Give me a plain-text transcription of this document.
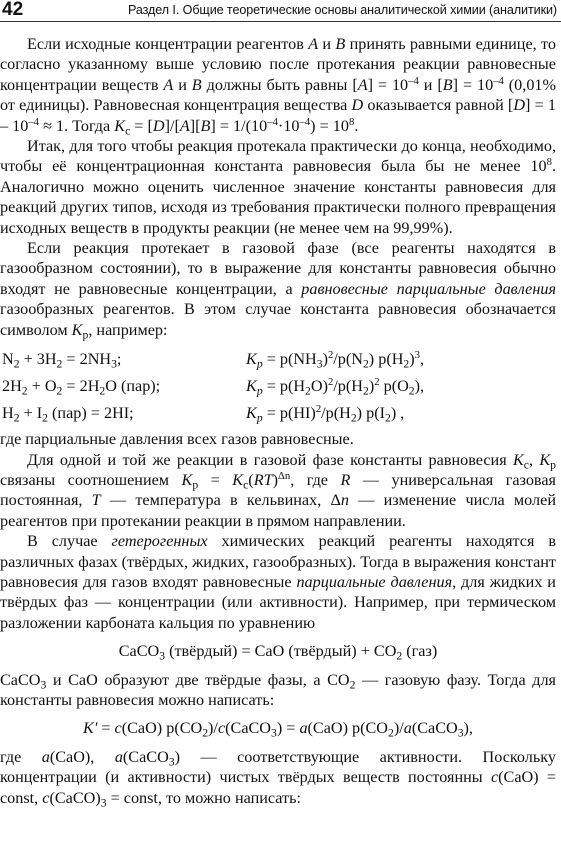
42	Раздел I. Общие теоретические основы аналитической химии (аналитики)

Если исходные концентрации реагентов A и B принять равными единице, то согласно указанному выше условию после протекания реакции равновесные концентрации веществ A и B должны быть равны $[A] = 10^{-4}$ и $[B] = 10^{-4}$ (0,01% от единицы). Равновесная концентрация вещества D оказывается равной $[D] = 1 - 10^{-4} \approx 1$. Тогда $K_c = [D]/[A][B] = 1/(10^{-4}\cdot 10^{-4}) = 10^8$.

Итак, для того чтобы реакция протекала практически до конца, необходимо, чтобы её концентрационная константа равновесия была бы не менее $10^8$. Аналогично можно оценить численное значение константы равновесия для реакций других типов, исходя из требования практически полного превращения исходных веществ в продукты реакции (не менее чем на 99,99%).

Если реакция протекает в газовой фазе (все реагенты находятся в газообразном состоянии), то в выражение для константы равновесия обычно входят не равновесные концентрации, а равновесные парциальные давления газообразных реагентов. В этом случае константа равновесия обозначается символом $K_p$, например:

$N_2 + 3H_2 = 2NH_3$;	$K_p = p(NH_3)^2/p(N_2)$ $p(H_2)^3$,
$2H_2 + O_2 = 2H_2O$ (пар);	$K_p = p(H_2O)^2/p(H_2)^2$ $p(O_2)$,
$H_2 + I_2$ (пар) = 2HI;	$K_p = p(HI)^2/p(H_2)$ $p(I_2)$ ,

где парциальные давления всех газов равновесные.

Для одной и той же реакции в газовой фазе константы равновесия $K_c$, $K_p$ связаны соотношением $K_p = K_c(RT)^{\Delta n}$, где R — универсальная газовая постоянная, T — температура в кельвинах, Δn — изменение числа молей реагентов при протекании реакции в прямом направлении.

В случае гетерогенных химических реакций реагенты находятся в различных фазах (твёрдых, жидких, газообразных). Тогда в выражения констант равновесия для газов входят равновесные парциальные давления, для жидких и твёрдых фаз — концентрации (или активности). Например, при термическом разложении карбоната кальция по уравнению

CaCO$_3$ (твёрдый) = CaO (твёрдый) + $CO_2$ (газ)

CaCO$_3$ и CaO образуют две твёрдые фазы, а $CO_2$ — газовую фазу. Тогда для константы равновесия можно написать:

K' = c(CaO) $p(CO_2)/c(CaCO_3) = a(CaO)$ $p(CO_2)/a(CaCO_3)$,

где a(CaO), a(CaCO$_3$) — соответствующие активности. Поскольку концентрации (и активности) чистых твёрдых веществ постоянны c(CaO) = const, $c(CaCO)_3$ = const, то можно написать:
